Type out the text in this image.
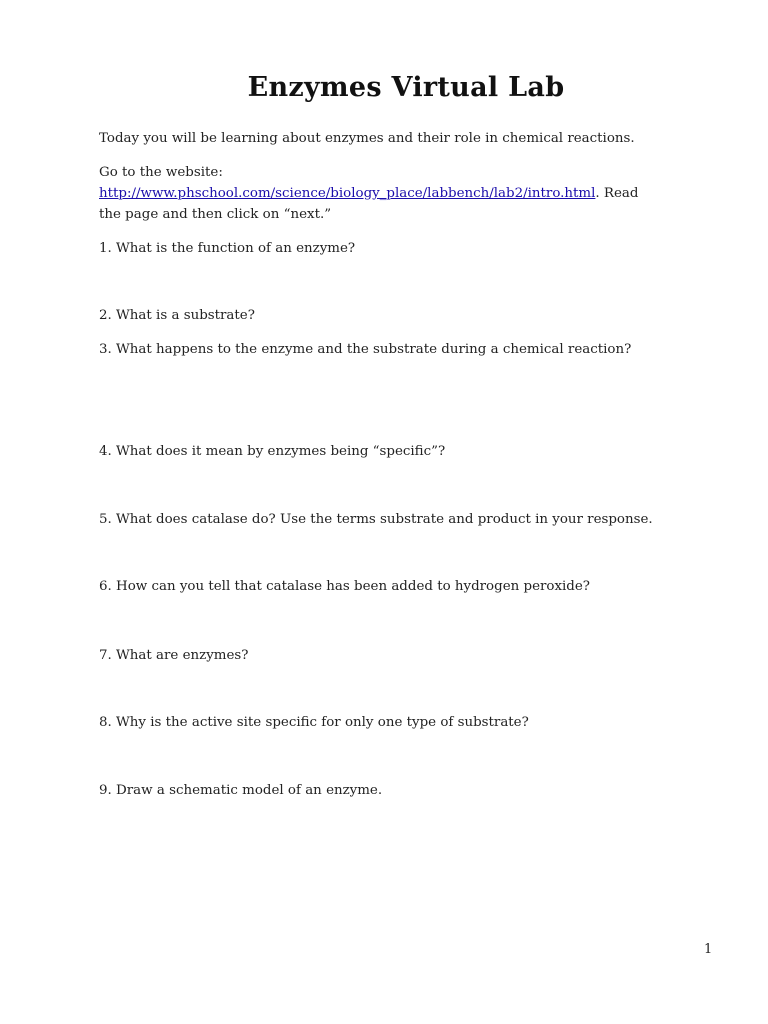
Enzymes Virtual Lab
Today you will be learning about enzymes and their role in chemical reactions.
Go to the website:
http://www.phschool.com/science/biology_place/labbench/lab2/intro.html. Read
the page and then click on “next.”
1. What is the function of an enzyme?
2. What is a substrate?
3. What happens to the enzyme and the substrate during a chemical reaction?
4. What does it mean by enzymes being “specific”?
5. What does catalase do? Use the terms substrate and product in your response.
6. How can you tell that catalase has been added to hydrogen peroxide?
7. What are enzymes?
8. Why is the active site specific for only one type of substrate?
9. Draw a schematic model of an enzyme.
1
